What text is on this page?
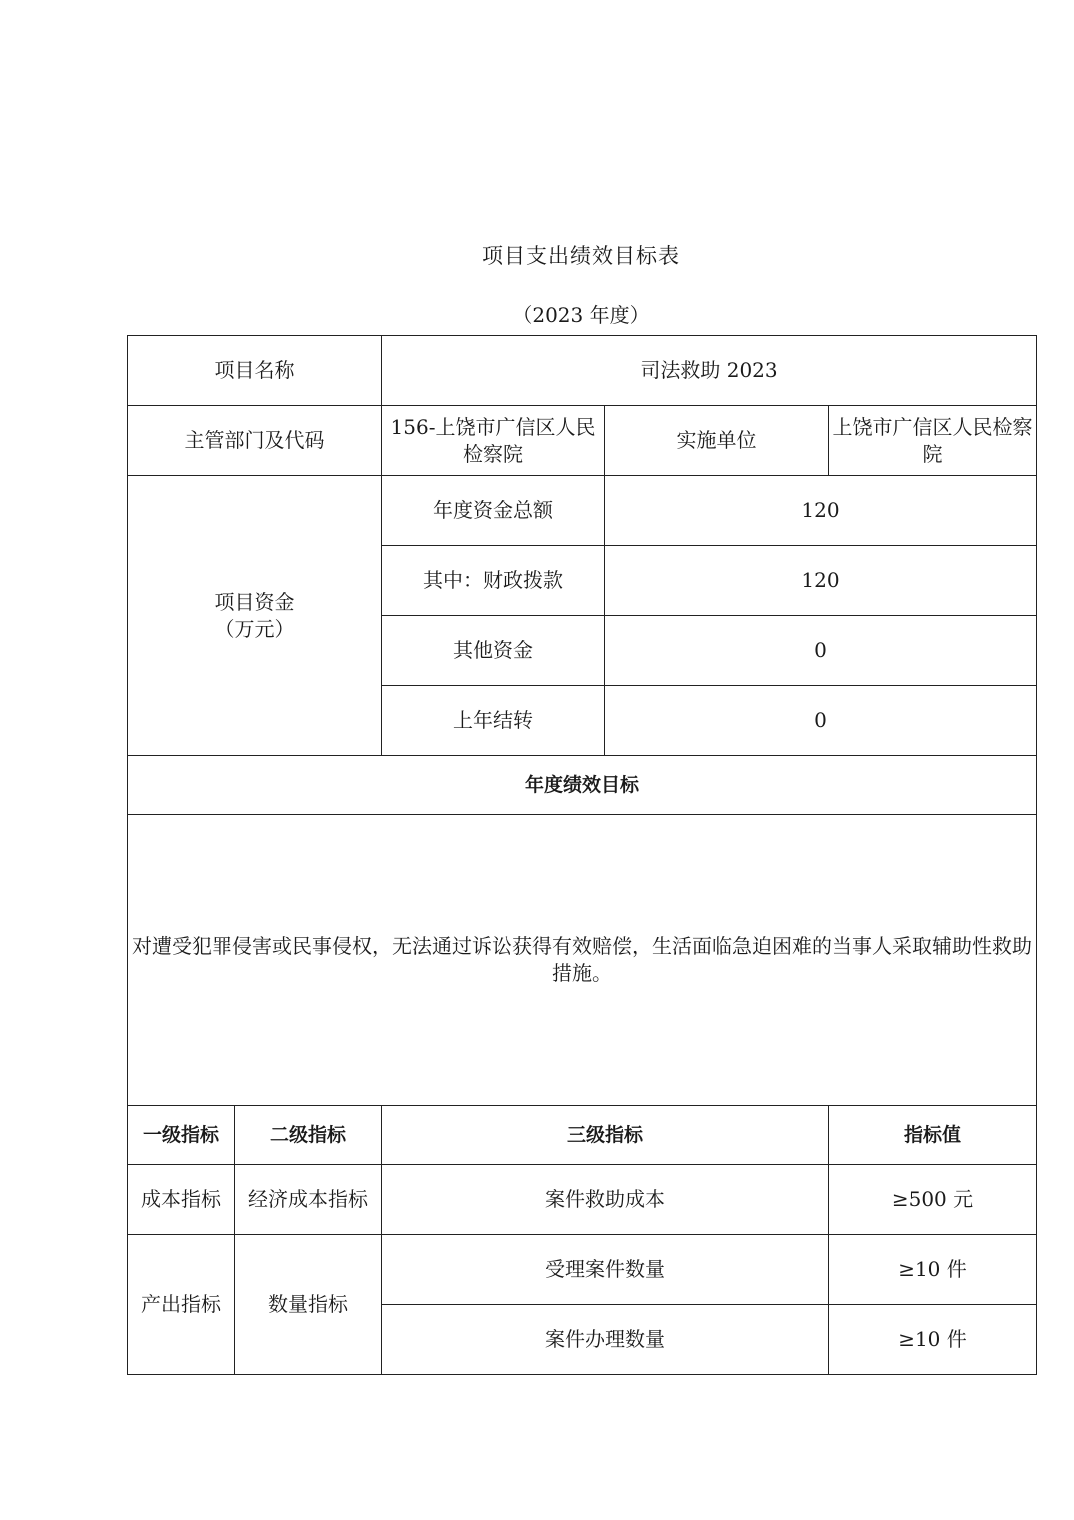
项目支出绩效目标表
（2023 年度）
项目名称		司法救助 2023		
主管部门及代码		156-上饶市广信区人民检察院	实施单位	上饶市广信区人民检察院

项目资金
（万元）		年度资金总额	120	
		其中：财政拨款	120	
		其他资金	0	
		上年结转	0	
年度绩效目标				
对遭受犯罪侵害或民事侵权，无法通过诉讼获得有效赔偿，生活面临急迫困难的当事人采取辅助性救助措施。				
一级指标	二级指标	三级指标		指标值
成本指标	经济成本指标	案件救助成本		≥500 元
产出指标	数量指标	受理案件数量		≥10 件
		案件办理数量		≥10 件
